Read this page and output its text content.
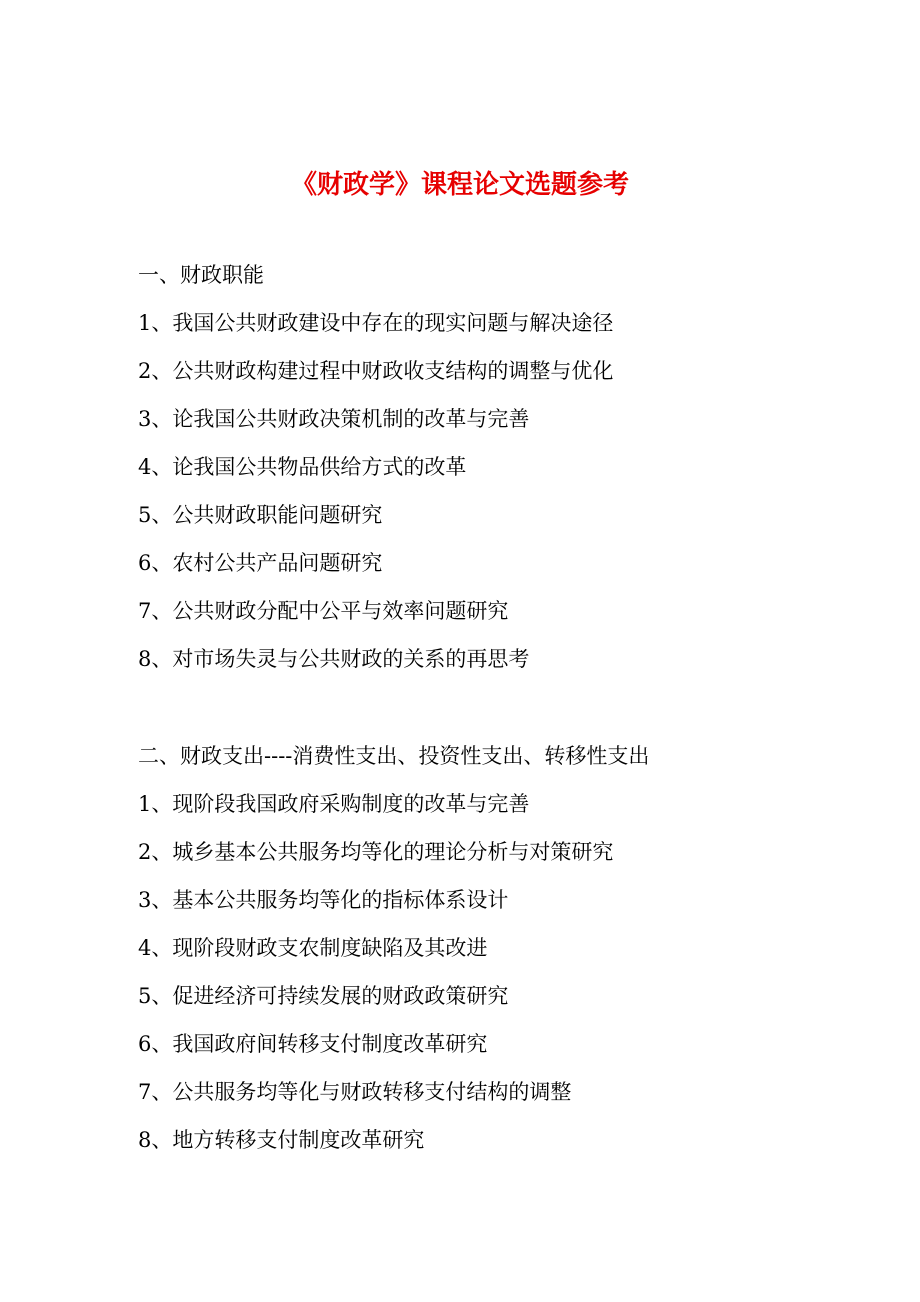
《财政学》课程论文选题参考

一、财政职能

1、我国公共财政建设中存在的现实问题与解决途径
2、公共财政构建过程中财政收支结构的调整与优化
3、论我国公共财政决策机制的改革与完善
4、论我国公共物品供给方式的改革
5、公共财政职能问题研究
6、农村公共产品问题研究
7、公共财政分配中公平与效率问题研究
8、对市场失灵与公共财政的关系的再思考

二、财政支出----消费性支出、投资性支出、转移性支出

1、现阶段我国政府采购制度的改革与完善
2、城乡基本公共服务均等化的理论分析与对策研究
3、基本公共服务均等化的指标体系设计
4、现阶段财政支农制度缺陷及其改进
5、促进经济可持续发展的财政政策研究
6、我国政府间转移支付制度改革研究
7、公共服务均等化与财政转移支付结构的调整
8、地方转移支付制度改革研究
